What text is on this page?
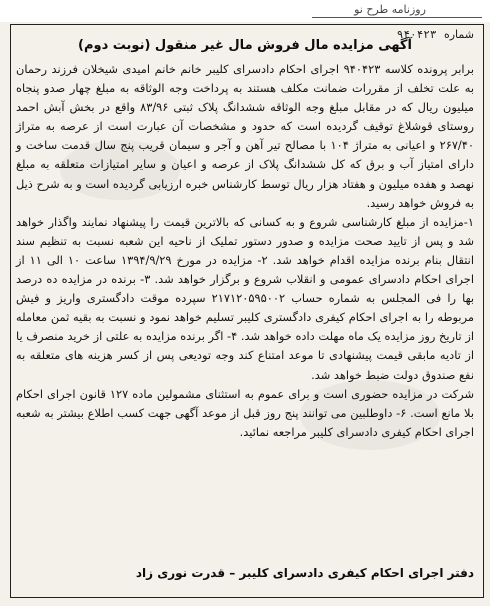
روزنامه طرح نو
شماره ۹۴۰۴۲۳
آگهی مزایده مال فروش مال غیر منقول (نوبت دوم)

برابر پرونده کلاسه ۹۴۰۴۲۳ اجرای احکام دادسرای کلیبر خانم خانم امیدی شیخلان فرزند رحمان به علت تخلف از مقررات ضمانت مکلف هستند به پرداخت وجه الوثاقه به مبلغ چهار صدو پنجاه میلیون ریال که در مقابل مبلغ وجه الوثاقه ششدانگ پلاک ثبتی ۸۳/۹۶ واقع در بخش آبش احمد روستای قوشلاغ توقیف گردیده است که حدود و مشخصات آن عبارت است از عرصه به متراژ ۲۶۷/۴۰ و اعیانی به متراژ ۱۰۴ با مصالح تیر آهن و آجر و سیمان قریب پنج سال قدمت ساخت و دارای امتیاز آب و برق که کل ششدانگ پلاک از عرصه و اعیان و سایر امتیازات متعلقه به مبلغ نهصد و هفده میلیون و هفتاد هزار ریال توسط کارشناس خبره ارزیابی گردیده است و به شرح ذیل به فروش خواهد رسید.

۱-مزایده از مبلغ کارشناسی شروع و به کسانی که بالاترین قیمت را پیشنهاد نمایند واگذار خواهد شد و پس از تایید صحت مزایده و صدور دستور تملیک از ناحیه این شعبه نسبت به تنظیم سند انتقال بنام برنده مزایده اقدام خواهد شد. ۲- مزایده در مورخ ۱۳۹۴/۹/۲۹ ساعت ۱۰ الی ۱۱ از اجرای احکام دادسرای عمومی و انقلاب شروع و برگزار خواهد شد. ۳- برنده در مزایده ده درصد بها را فی المجلس به شماره حساب ۲۱۷۱۲۰۵۹۵۰۰۲ سپرده موقت دادگستری واریز و فیش مربوطه را به اجرای احکام کیفری دادگستری کلیبر تسلیم خواهد نمود و نسبت به بقیه ثمن معامله از تاریخ روز مزایده یک ماه مهلت داده خواهد شد. ۴- اگر برنده مزایده به علتی از خرید منصرف یا از تادیه مابقی قیمت پیشنهادی تا موعد امتناع کند وجه تودیعی پس از کسر هزینه های متعلقه به نفع صندوق دولت ضبط خواهد شد.

شرکت در مزایده حضوری است و برای عموم به استثنای مشمولین ماده ۱۲۷ قانون اجرای احکام بلا مانع است. ۶- داوطلبین می توانند پنج روز قبل از موعد آگهی جهت کسب اطلاع بیشتر به شعبه اجرای احکام کیفری دادسرای کلیبر مراجعه نمائید.

دفتر اجرای احکام کیفری دادسرای کلیبر – قدرت نوری زاد
